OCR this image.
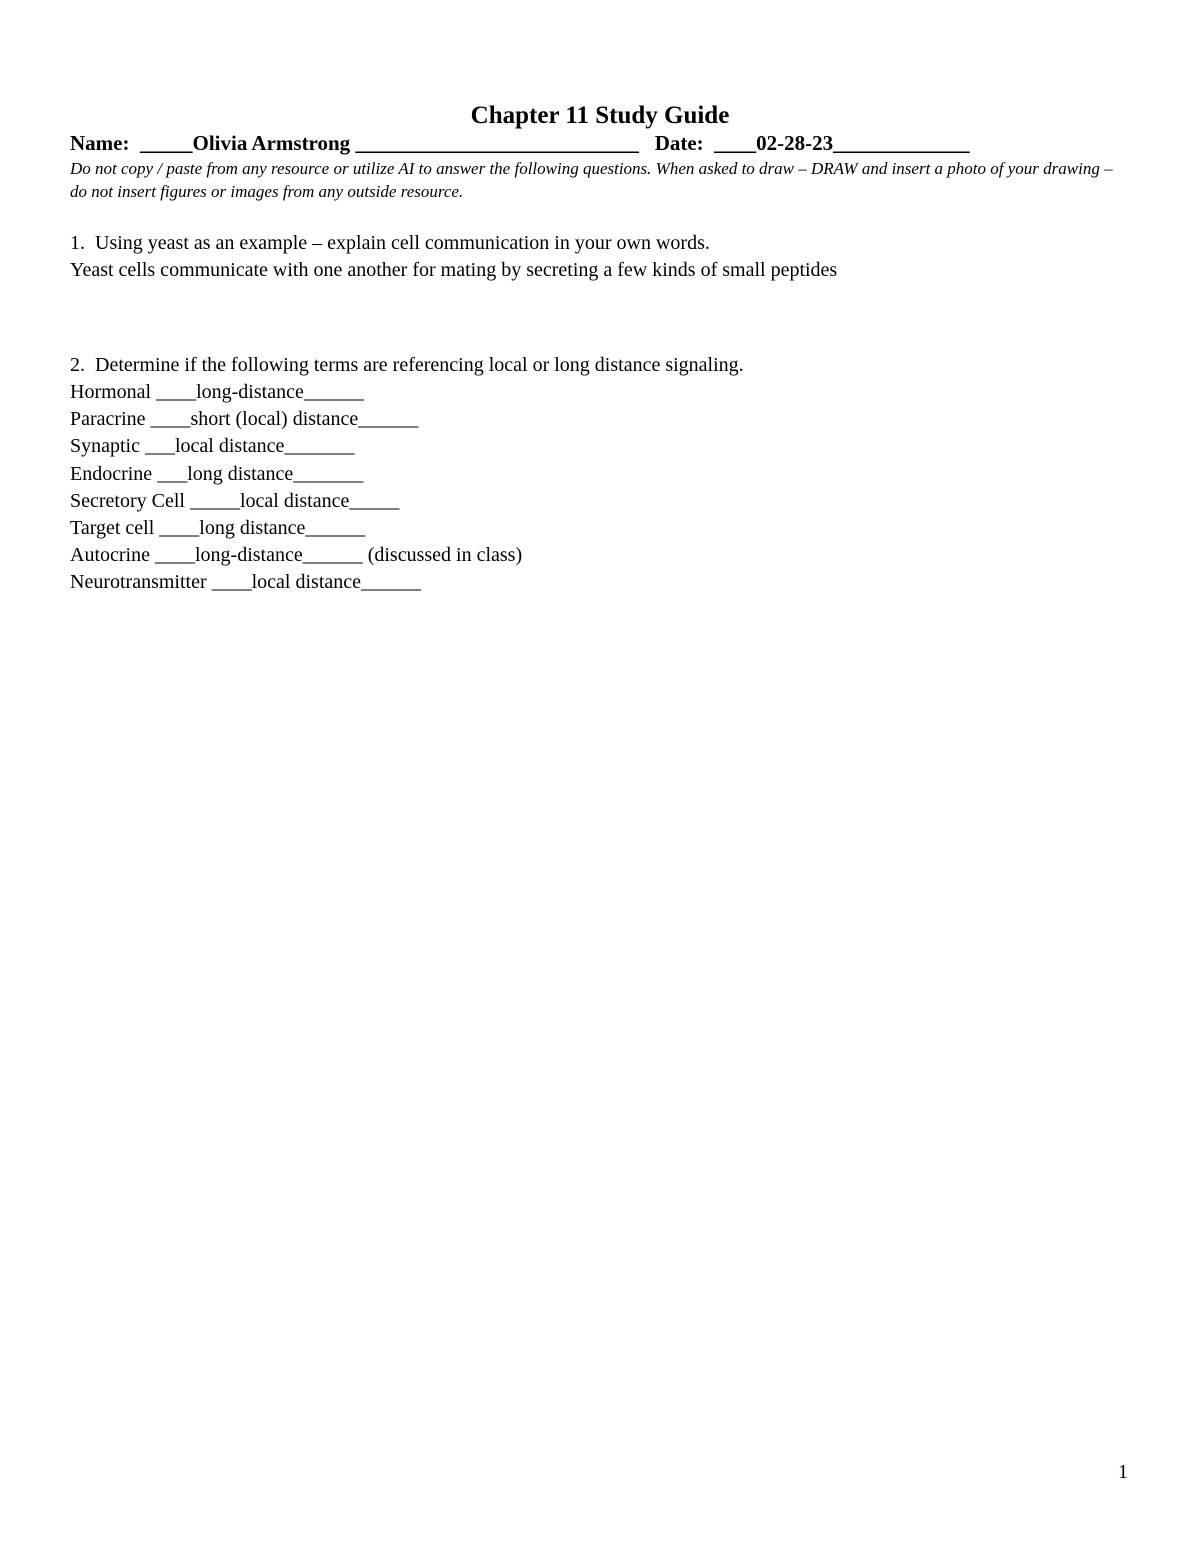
Chapter 11 Study Guide
Name: _____Olivia Armstrong ___________________________ Date: ____02-28-23_____________

Do not copy / paste from any resource or utilize AI to answer the following questions. When asked to draw – DRAW and insert a photo of your drawing – do not insert figures or images from any outside resource.

1.  Using yeast as an example – explain cell communication in your own words.

Yeast cells communicate with one another for mating by secreting a few kinds of small peptides

2.  Determine if the following terms are referencing local or long distance signaling.

Hormonal ____long-distance______
Paracrine ____short (local) distance______
Synaptic ___local distance_______
Endocrine ___long distance_______
Secretory Cell _____local distance_____
Target cell ____long distance______
Autocrine ____long-distance______ (discussed in class)
Neurotransmitter ____local distance______
1
